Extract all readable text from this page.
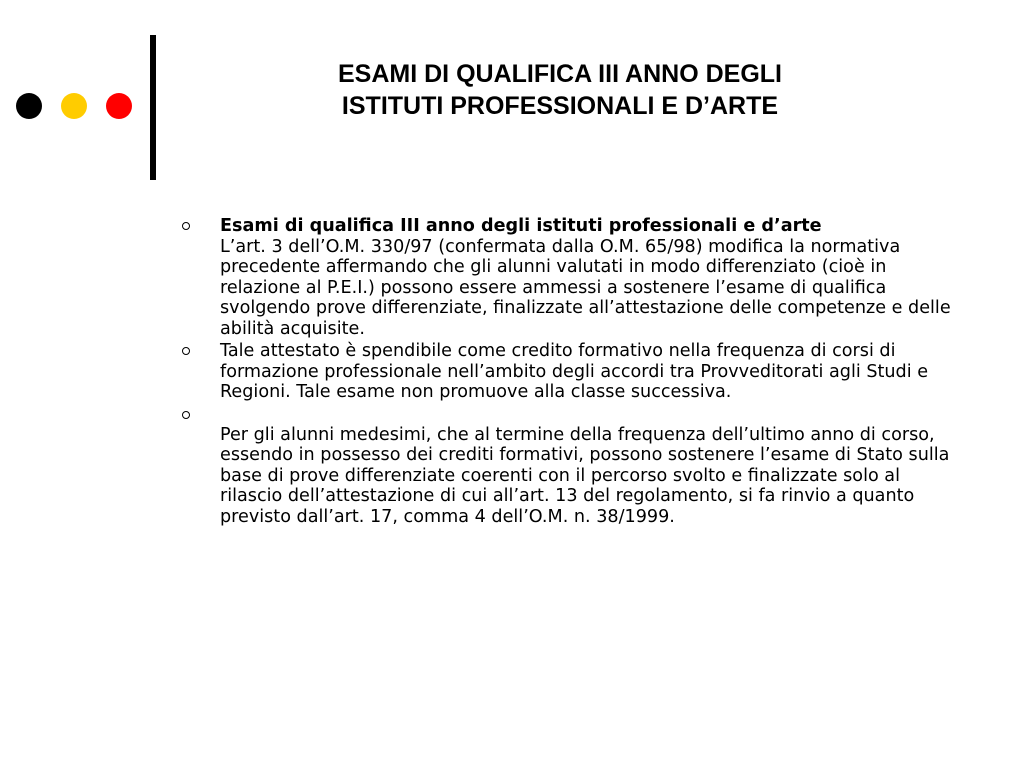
ESAMI DI QUALIFICA III ANNO DEGLI
ISTITUTI PROFESSIONALI E D’ARTE
Esami di qualifica III anno degli istituti professionali e d’arte
L’art. 3 dell’O.M. 330/97 (confermata dalla O.M. 65/98) modifica la normativa precedente affermando che gli alunni valutati in modo differenziato (cioè in relazione al P.E.I.) possono essere ammessi a sostenere l’esame di qualifica svolgendo prove differenziate, finalizzate all’attestazione delle competenze e delle abilità acquisite.
Tale attestato è spendibile come credito formativo nella frequenza di corsi di formazione professionale nell’ambito degli accordi tra Provveditorati agli Studi e Regioni. Tale esame non promuove alla classe successiva.
Per gli alunni medesimi, che al termine della frequenza dell’ultimo anno di corso, essendo in possesso dei crediti formativi, possono sostenere l’esame di Stato sulla base di prove differenziate coerenti con il percorso svolto e finalizzate solo al rilascio dell’attestazione di cui all’art. 13 del regolamento, si fa rinvio a quanto previsto dall’art. 17, comma 4 dell’O.M. n. 38/1999.
